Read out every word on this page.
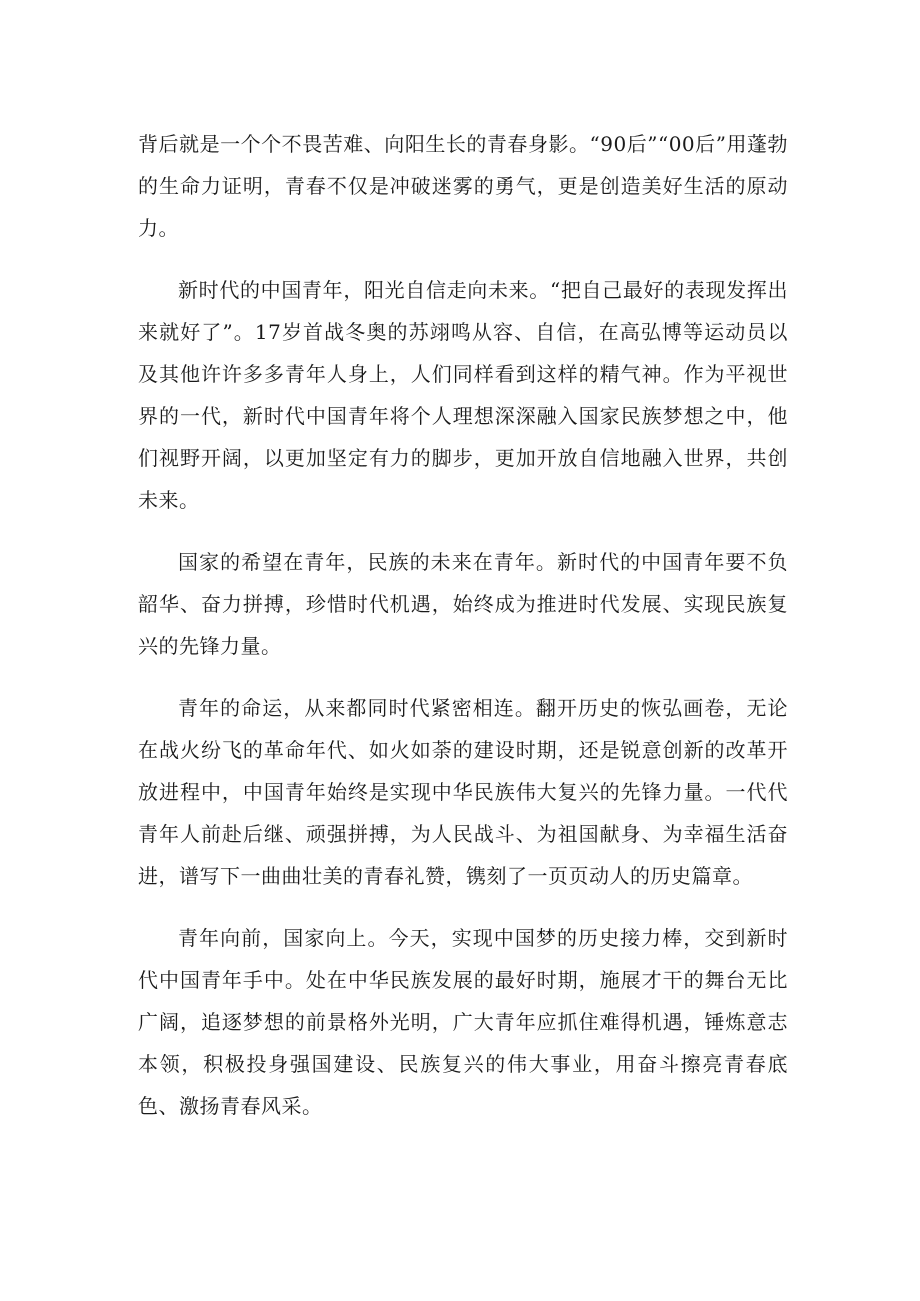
背后就是一个个不畏苦难、向阳生长的青春身影。“90后”“00后”用蓬勃的生命力证明，青春不仅是冲破迷雾的勇气，更是创造美好生活的原动力。

新时代的中国青年，阳光自信走向未来。“把自己最好的表现发挥出来就好了”。17岁首战冬奥的苏翊鸣从容、自信，在高弘博等运动员以及其他许许多多青年人身上，人们同样看到这样的精气神。作为平视世界的一代，新时代中国青年将个人理想深深融入国家民族梦想之中，他们视野开阔，以更加坚定有力的脚步，更加开放自信地融入世界，共创未来。

国家的希望在青年，民族的未来在青年。新时代的中国青年要不负韶华、奋力拼搏，珍惜时代机遇，始终成为推进时代发展、实现民族复兴的先锋力量。

青年的命运，从来都同时代紧密相连。翻开历史的恢弘画卷，无论在战火纷飞的革命年代、如火如荼的建设时期，还是锐意创新的改革开放进程中，中国青年始终是实现中华民族伟大复兴的先锋力量。一代代青年人前赴后继、顽强拼搏，为人民战斗、为祖国献身、为幸福生活奋进，谱写下一曲曲壮美的青春礼赞，镌刻了一页页动人的历史篇章。

青年向前，国家向上。今天，实现中国梦的历史接力棒，交到新时代中国青年手中。处在中华民族发展的最好时期，施展才干的舞台无比广阔，追逐梦想的前景格外光明，广大青年应抓住难得机遇，锤炼意志本领，积极投身强国建设、民族复兴的伟大事业，用奋斗擦亮青春底色、激扬青春风采。
